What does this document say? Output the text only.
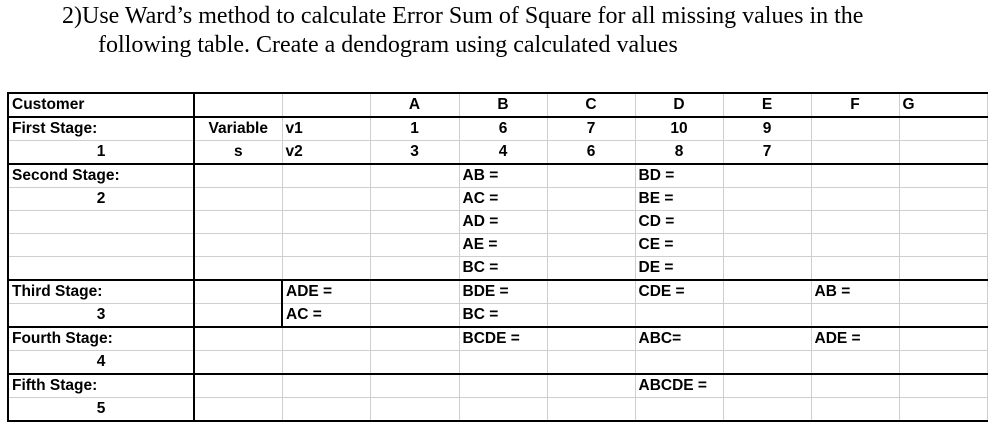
2)Use Ward’s method to calculate Error Sum of Square for all missing values in the
following table. Create a dendogram using calculated values
Customer			A	B	C	D	E	F	G
First Stage:	Variable	v1	1	6	7	10	9		
1	s	v2	3	4	6	8	7		
Second Stage:				AB =		BD =			
2				AC =		BE =			
				AD =		CD =			
				AE =		CE =			
				BC =		DE =			
Third Stage:		ADE =		BDE =		CDE =		AB =	
3		AC =		BC =					
Fourth Stage:				BCDE =		ABC=		ADE =	
4									
Fifth Stage:						ABCDE =			
5									
